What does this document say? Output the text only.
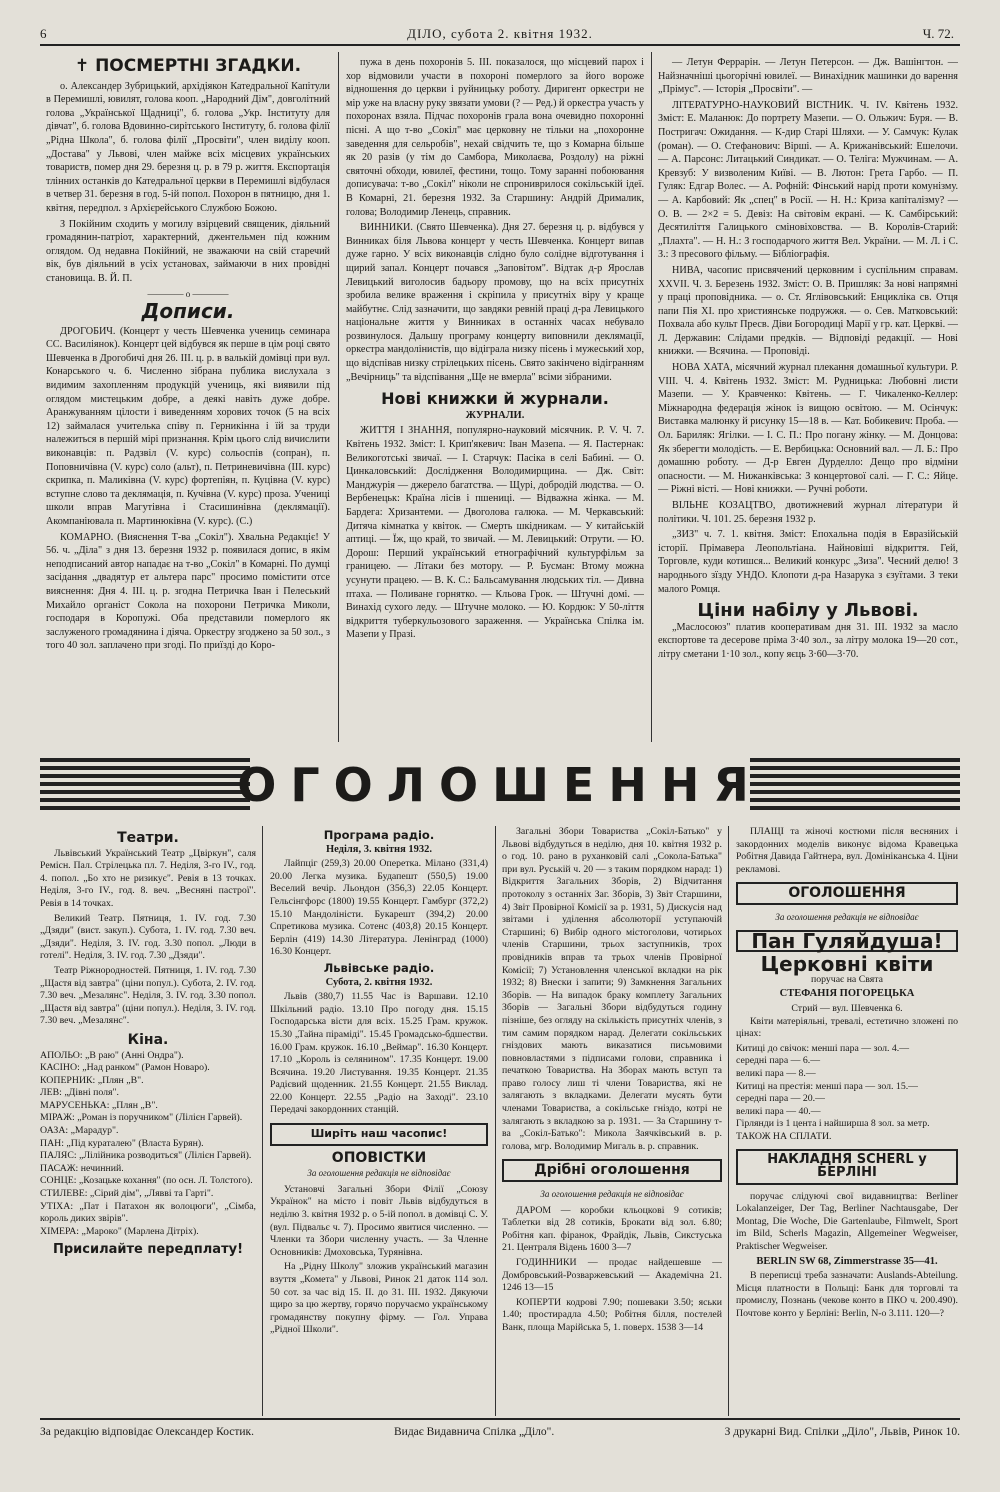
6	ДІЛО, субота 2. квітня 1932.	Ч. 72.
✝ ПОСМЕРТНІ ЗГАДКИ.

о. Александер Зубрицький, архідіякон Катедральної Капітули в Перемишлі, ювилят, голова кооп. „Народний Дім", довголітний голова „Української Щадниці", б. голова „Укр. Інституту для дівчат", б. голова Вдовинно-сирітського Інституту, б. голова філії „Рідна Школа", б. голова філії „Просвіти", член виділу кооп. „Достава" у Львові, член майже всіх місцевих українських товариств, помер дня 29. березня ц. р. в 79 р. життя. Експортація тлінних останків до Катедральної церкви в Перемишлі відбулася в четвер 31. березня в год. 5-ій попол. Похорон в пятницю, дня 1. квітня, передпол. з Архієрейського Службою Божою.

З Покійним сходить у могилу взірцевий священик, діяльний громадянин-патріот, характерний, джентельмен під кожним оглядом. Од недавна Покійний, не зважаючи на свій старечий вік, був діяльний в усіх установах, займаючи в них провідні становища. В. Й. П.

———— о ————
Дописи.

ДРОГОБИЧ. (Концерт у честь Шевченка учениць семинара СС. Василіянок). Концерт цей відбувся як перше в цім році свято Шевченка в Дрогобичі дня 26. III. ц. р. в валькій домівці при вул. Конарського ч. 6. Численно зібрана публика вислухала з видимим захопленням продукцій учениць, які виявили під оглядом мистецьким добре, а деякі навіть дуже добре. Аранжуванням цілости і виведенням хорових точок (5 на всіх 12) займалася учителька співу п. Герникінна і їй за труди належиться в першій мірі признання. Крім цього слід вичислити виконавців: п. Радзвіл (V. курс) сольоспів (сопран), п. Поповничівна (V. курс) соло (альт), п. Петриневичівна (III. курс) скрипка, п. Маликівна (V. курс) фортепіян, п. Куцівна (V. курс) вступне слово та деклямація, п. Кучівна (V. курс) проза. Учениці школи вправ Магутівна і Стасишинівна (деклямації). Акомпаніювала п. Мартинюківна (V. курс). (С.)

КОМАРНО. (Вияснення Т-ва „Сокіл"). Хвальна Редакціє! У 56. ч. „Діла" з дня 13. березня 1932 р. появилася допис, в якім неподписаний автор нападає на т-во „Сокіл" в Комарні. По думці засідання „двадятур ет альтера парс" просимо помістити отсе вияснення: Дня 4. III. ц. р. згодна Петричка Іван і Пелеський Михайло органіст Сокола на похорони Петричка Миколи, господаря в Коропужі. Оба представили померлого як заслуженого громадянина і діяча. Оркестру згоджено за 50 зол., з того 40 зол. заплачено при згоді. По приїзді до Коро-

пужа в день похоронів 5. III. показалося, що місцевий парох і хор відмовили участи в похороні померлого за його вороже відношення до церкви і руйницьку роботу. Диригент оркестри не мір уже на власну руку звязати умови (? — Ред.) й оркестра участь у похоронах взяла. Підчас похоронів грала вона очевидно похоронні пісні. А що т-во „Сокіл" має церковну не тільки на „похоронне заведення для сельробів", нехай свідчить те, що з Комарна більше як 20 разів (у тім до Самбора, Миколаєва, Роздолу) на ріжні святочні обходи, ювилеї, фестини, тощо. Тому заранні побоювання дописувача: т-во „Сокіл" ніколи не спрониврилося сокільській ідеї. В Комарні, 21. березня 1932. За Старшину: Андрій Дрималик, голова; Володимир Ленець, справник.

ВИННИКИ. (Свято Шевченка). Дня 27. березня ц. р. відбувся у Винниках біля Львова концерт у честь Шевченка. Концерт випав дуже гарно. У всіх виконавців слідно було солідне відготування і щирий запал. Концерт почався „Заповітом". Відтак д-р Ярослав Левицький виголосив бадьору промову, що на всіх присутніх зробила велике враження і скріпила у присутніх віру у краще майбутнє. Слід зазначити, що завдяки ревній праці д-ра Левицького національне життя у Винниках в останніх часах небувало розвинулося. Дальшу програму концерту виповнили деклямації, оркестра мандолінистів, що відіграла низку пісень і мужеський хор, що відспівав низку стрілецьких пісень. Свято закінчено відігранням „Вечірниць" та відспівання „Ще не вмерла" всіми зібраними.

Нові книжки й журнали.
ЖУРНАЛИ.

ЖИТТЯ І ЗНАННЯ, популярно-науковий місячник. Р. V. Ч. 7. Квітень 1932. Зміст: І. Крип'якевич: Іван Мазепа. — Я. Пастернак: Великоготські звичаї. — І. Старчук: Пасіка в селі Бабині. — О. Цинкаловський: Дослідження Володимирщина. — Дж. Світ: Манджурія — джерело багатства. — Щурі, добродій людства. — О. Вербенецьк: Країна лісів і пшениці. — Відважна жінка. — М. Бардега: Хризантеми. — Двоголова галюка. — М. Черкавський: Дитяча кімнатка у квіток. — Смерть шкідникам. — У китайській аптиці. — Їж, що край, то звичай. — М. Левицький: Отрути. — Ю. Дорош: Перший український етнографічний культурфільм за границею. — Літаки без мотору. — Р. Бусман: Втому можна усунути працею. — В. К. С.: Бальсамування людських тіл. — Дивна птаха. — Поливане горнятко. — Кльова Грок. — Штучні домі. — Винахід сухого леду. — Штучне молоко. — Ю. Кордюк: У 50-ліття відкриття туберкульозового зараження. — Українська Спілка ім. Мазепи у Празі.

— Летун Феррарін. — Летун Петерсон. — Дж. Вашінгтон. — Найзначніші цьогорічні ювилеї. — Винахідник машинки до варення „Прімус". — Історія „Просвіти". —

ЛІТЕРАТУРНО-НАУКОВИЙ ВІСТНИК. Ч. IV. Квітень 1932. Зміст: Е. Маланюк: До портрету Мазепи. — О. Ольжич: Буря. — В. Постригач: Ожидання. — К-дир Старі Шляхи. — У. Самчук: Кулак (роман). — О. Стефанович: Вірші. — А. Крижанівський: Ешелочи. — А. Парсонс: Литацький Синдикат. — О. Теліга: Мужчинам. — А. Кревзуб: У визволеним Київі. — В. Лютон: Грета Гарбо. — П. Гуляк: Едгар Волес. — А. Рофній: Фінський нарід проти комунізму. — А. Карбовий: Як „спец" в Росії. — Н. Н.: Криза капіталізму? — О. В. — 2×2 = 5. Девіз: На світовім екрані. — К. Самбірський: Десятиліття Галицького сміновіховства. — В. Королів-Старий: „Плахта". — Н. Н.: З господарчого життя Вел. України. — М. Л. і С. З.: З пресового фільму. — Бібліографія.

НИВА, часопис присвячений церковним і суспільним справам. XXVII. Ч. 3. Березень 1932. Зміст: О. В. Пришляк: За нові напрямні у праці проповідника. — о. Ст. Яглівовський: Енцикліка св. Отця папи Пія XI. про християнське подружжя. — о. Сев. Матковський: Похвала або культ Пресв. Діви Богородиці Марії у гр. кат. Церкві. — Л. Державин: Слідами предків. — Відповіді редакції. — Нові книжки. — Всячина. — Проповіді.

НОВА ХАТА, місячний журнал плекання домашньої культури. Р. VIII. Ч. 4. Квітень 1932. Зміст: М. Рудницька: Любовні листи Мазепи. — У. Кравченко: Квітень. — Г. Чикаленко-Келлер: Міжнародна федерація жінок із вищою освітою. — М. Осінчук: Виставка малюнку й рисунку 15—18 в. — Кат. Бобикевич: Проба. — Ол. Бариляк: Ягілки. — І. С. П.: Про погану жінку. — М. Донцова: Як зберегти молодість. — Е. Вербицька: Основний вал. — Л. Б.: Про домашню роботу. — Д-р Евген Дурделло: Дещо про відміни опасности. — М. Нижанківська: З концертової салі. — Г. С.: Яйце. — Ріжні вісті. — Нові книжки. — Ручні роботи.

ВІЛЬНЕ КОЗАЦТВО, двотижневий журнал літератури й політики. Ч. 101. 25. березня 1932 р.

„ЗИЗ" ч. 7. 1. квітня. Зміст: Епохальна подія в Евразійській історії. Прімавера Леопольтіана. Найновіші відкриття. Гей, Торговле, куди котишся... Великий конкурс „Зиза". Чесний делю! З народнього зїзду УНДО. Клопоти д-ра Назарука з єзуїтами. З теки малого Ромця.

Ціни набілу у Львові.

„Маслосоюз" платив кооперативам дня 31. III. 1932 за масло експортове та десерове пріма 3·40 зол., за літру молока 19—20 сот., літру сметани 1·10 зол., копу яєць 3·60—3·70.

ОГОЛОШЕННЯ
Театри.

Львівський Український Театр „Цвіркун", саля Ремісн. Пал. Стрілецька пл. 7. Неділя, 3-го IV., год. 4. попол. „Бо хто не ризикує". Ревія в 13 точках. Неділя, 3-го IV., год. 8. веч. „Весняні пастрої". Ревія в 14 точках.

Великий Театр. Пятниця, 1. IV. год. 7.30 „Дзяди" (вист. закуп.). Субота, 1. IV. год. 7.30 веч. „Дзяди". Неділя, 3. IV. год. 3.30 попол. „Люди в готелі". Неділя, 3. IV. год. 7.30 „Дзяди".

Театр Ріжнородностей. Пятниця, 1. IV. год. 7.30 „Щастя від завтра" (ціни попул.). Субота, 2. IV. год. 7.30 веч. „Мезалянс". Неділя, 3. IV. год. 3.30 попол. „Щастя від завтра" (ціни попул.). Неділя, 3. IV. год. 7.30 веч. „Мезалянс".

Кіна.
АПОЛЬО: „В раю" (Анні Ондра").
КАСІНО: „Над ранком" (Рамон Новаро).
КОПЕРНИК: „Плян „В".
ЛЕВ: „Дівні поля".
МАРУСЕНЬКА: „Плян „В".
МІРАЖ: „Роман із поручником" (Лілієн Гарвей).
ОАЗА: „Марадур".
ПАН: „Під кураталею" (Власта Бурян).
ПАЛЯС: „Лілійника розводиться" (Лілієн Гарвей).
ПАСАЖ: нечинний.
СОНЦЕ: „Козацьке кохання" (по осн. Л. Толстого).
СТИЛЕВЕ: „Сірий дім", „Лявві та Гарті".
УТІХА: „Пат і Патахон як волоцюги", „Сімба, король диких звірів".
ХІМЕРА: „Мароко" (Марлена Дітріх).
Присилайте передплату!
Програма радіо.
Неділя, 3. квітня 1932.

Лайпціг (259,3) 20.00 Оперетка. Мілано (331,4) 20.00 Легка музика. Будапешт (550,5) 19.00 Веселий вечір. Льондон (356,3) 22.05 Концерт. Гельсінгфорс (1800) 19.55 Концерт. Гамбург (372,2) 15.10 Мандоліністи. Букарешт (394,2) 20.00 Спретикова музика. Сотенс (403,8) 20.15 Концерт. Берлін (419) 14.30 Література. Ленінград (1000) 16.30 Концерт.

Львівське радіо.
Субота, 2. квітня 1932.

Львів (380,7) 11.55 Час із Варшави. 12.10 Шкільний радіо. 13.10 Про погоду дня. 15.15 Господарська вісти для всіх. 15.25 Грам. кружок. 15.30 „Тайна піраміді". 15.45 Громадсько-бдшестви. 16.00 Грам. кружок. 16.10 „Веймар". 16.30 Концерт. 17.10 „Король із селянином". 17.35 Концерт. 19.00 Всячина. 19.20 Листування. 19.35 Концерт. 21.35 Радієвий щоденник. 21.55 Концерт. 21.55 Виклад. 22.00 Концерт. 22.55 „Радіо на Заході". 23.10 Передачі закордонних станцій.

Ширіть наш часопис!
ОПОВІСТКИ
За оголошення редакція не відповідає

Установчі Загальні Збори Філії „Союзу Українок" на місто і повіт Львів відбудуться в неділю 3. квітня 1932 р. о 5-ій попол. в домівці С. У. (вул. Підвальє ч. 7). Просимо явитися численно. — Членки та Збори численну участь. — За Членне Основників: Дмоховська, Турянівна.

На „Рідну Школу" зложив український магазин взуття „Комета" у Львові, Ринок 21 даток 114 зол. 50 сот. за час від 15. II. до 31. III. 1932. Дякуючи щиро за цю жертву, горячо поручаємо українському громадянству покупну фірму. — Гол. Управа „Рідної Школи".

Загальні Збори Товариства „Сокіл-Батько" у Львові відбудуться в неділю, дня 10. квітня 1932 р. о год. 10. рано в руханковій салі „Сокола-Батька" при вул. Руській ч. 20 — з таким порядком нарад: 1) Відкриття Загальних Зборів, 2) Відчитання протоколу з останніх Заг. Зборів, 3) Звіт Старшини, 4) Звіт Провірної Комісії за р. 1931, 5) Дискусія над звітами і уділення абсолюторії уступаючій Старшині; 6) Вибір одного містоголови, чотирьох членів Старшини, трьох заступників, трох провідників вправ та трьох членів Провірної Комісії; 7) Установлення членської вкладки на рік 1932; 8) Внески і запити; 9) Замкнення Загальних Зборів. — На випадок браку комплету Загальних Зборів — Загальні Збори відбудуться годину пізніше, без огляду на скількість присутніх членів, з тим самим порядком нарад. Делегати сокільських гніздових мають виказатися письмовими повновластями з підписами голови, справника і печаткою Товариства. На Зборах мають вступ та право голосу лиш ті члени Товариства, які не залягають з вкладками. Делегати мусять бути членами Товариства, а сокільське гніздо, котрі не залягають з вкладкою за р. 1931. — За Старшину т-ва „Сокіл-Батько": Микола Заячківський в. р. голова, мгр. Володимир Мигаль в. р. справник.

Дрібні оголошення
За оголошення редакція не відповідає

ДАРОМ — коробки кльоцкові 9 сотиків; Таблетки від 28 сотиків, Брокати від зол. 6.80; Робітня кап. фіранок, Фрайдік, Львів, Сикстуська 21. Централя Відень 1600 3—7

ГОДИННИКИ — продає найдешевше — Домбровський-Розваржевський — Академічна 21. 1246 13—15

КОПЕРТИ кодрові 7.90; пошеваки 3.50; яськи 1.40; простирадла 4.50; Робітня білля, постелей Ванк, площа Марійська 5, 1. поверх. 1538 3—14

ПЛАЩІ та жіночі костюми після весняних і закордонних моделів виконує відома Кравецька Робітня Давида Гайтнера, вул. Домініканська 4. Ціни рекламові.

ОГОЛОШЕННЯ
За оголошення редакція не відповідає
Пан Гуляйдуша!
Церковні квіти
поручає на Свята
СТЕФАНІЯ ПОГОРЕЦЬКА
Стрий — вул. Шевченка 6.

Квіти матеріяльні, тревалі, естетично зложені по цінах:

Китиці до свічок: менші пара — зол. 4.—
середні пара — 6.—
великі пара — 8.—
Китиці на престія: менші пара — зол. 15.—
середні пара — 20.—
великі пара — 40.—
Гірлянди із 1 цента і найширша 8 зол. за метр.
ТАКОЖ НА СПЛАТИ.
НАКЛАДНЯ SCHERL у БЕРЛІНІ

поручає слідуючі свої видавництва: Berliner Lokalanzeiger, Der Tag, Berliner Nachtausgabe, Der Montag, Die Woche, Die Gartenlaube, Filmwelt, Sport im Bild, Scherls Magazin, Allgemeiner Wegweiser, Praktischer Wegweiser.

BERLIN SW 68, Zimmerstrasse 35—41.

В переписці треба зазначати: Auslands-Abteilung. Місця платности в Польщі: Банк для торговлі та промислу, Познань (чекове конто в ПКО ч. 200.490). Почтове конто у Берліні: Berlin, N-o 3.111. 120—?

За редакцію відповідає Олександер Костик.	Видає Видавнича Спілка „Діло".	З друкарні Вид. Спілки „Діло", Львів, Ринок 10.
